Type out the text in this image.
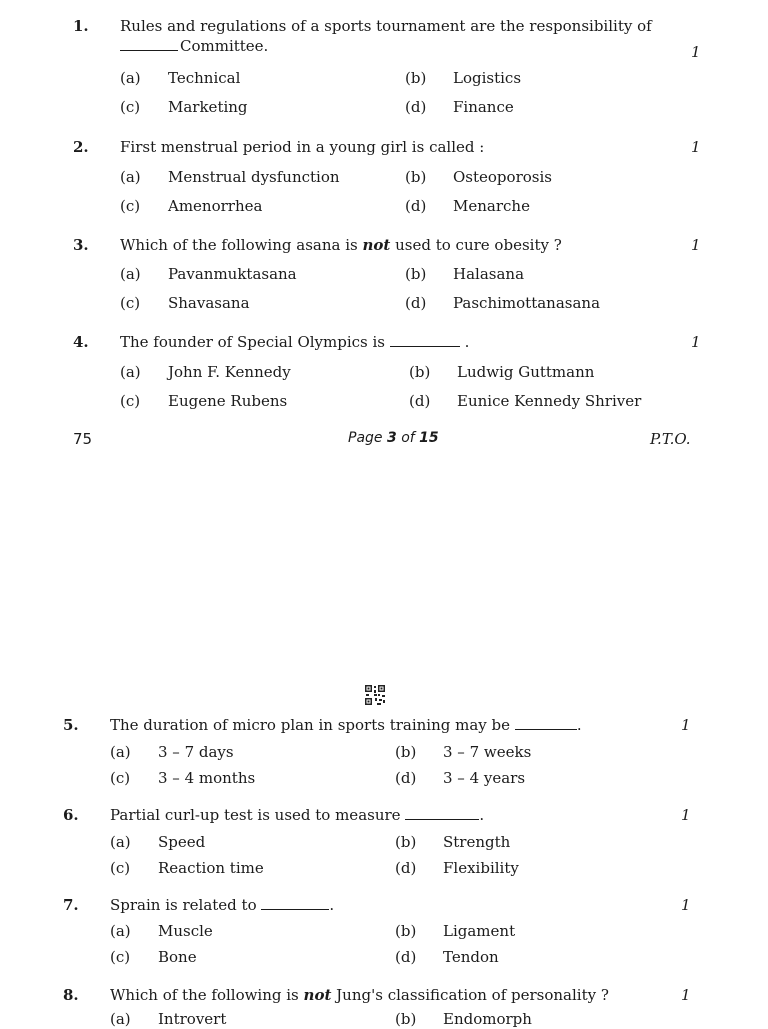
1. Rules and regulations of a sports tournament are the responsibility of
Committee.	1
(a) Technical	(b) Logistics
(c) Marketing	(d) Finance
2. First menstrual period in a young girl is called :	1
(a) Menstrual dysfunction	(b) Osteoporosis
(c) Amenorrhea	(d) Menarche
3. Which of the following asana is not used to cure obesity ?	1
(a) Pavanmuktasana	(b) Halasana
(c) Shavasana	(d) Paschimottanasana
4. The founder of Special Olympics is	.	1
(a) John F. Kennedy	(b) Ludwig Guttmann
(c) Eugene Rubens	(d) Eunice Kennedy Shriver
75	Page 3 of 15	P.T.O.
5. The duration of micro plan in sports training may be	.	1
(a) 3 – 7 days	(b) 3 – 7 weeks
(c) 3 – 4 months	(d) 3 – 4 years
6. Partial curl-up test is used to measure	.	1
(a) Speed	(b) Strength
(c) Reaction time	(d) Flexibility
7. Sprain is related to	.	1
(a) Muscle	(b) Ligament
(c) Bone	(d) Tendon
8. Which of the following is not Jung's classification of personality ?	1
(a) Introvert	(b) Endomorph
